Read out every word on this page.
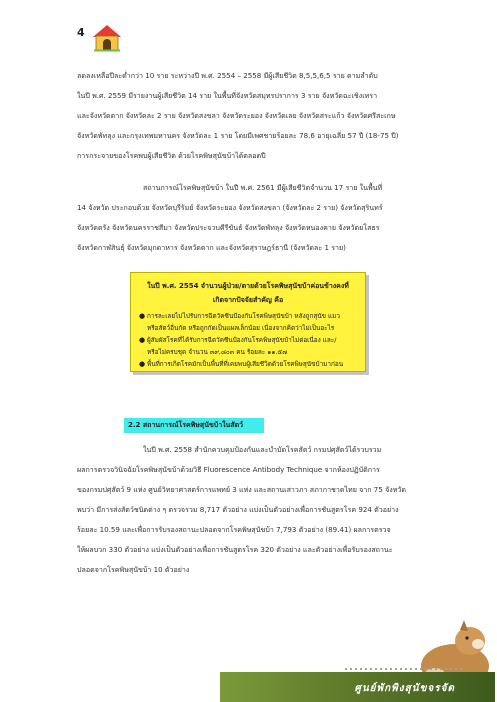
4
ลดลงเหลือปีละต่ำกว่า 10 ราย ระหว่างปี พ.ศ. 2554 – 2558 มีผู้เสียชีวิต 8,5,5,6,5 ราย ตามลำดับ
ในปี พ.ศ. 2559 มีรายงานผู้เสียชีวิต 14 ราย ในพื้นที่จังหวัดสมุทรปราการ 3 ราย จังหวัดฉะเชิงเทรา
และจังหวัดตาก จังหวัดละ 2 ราย จังหวัดสงขลา จังหวัดระยอง จังหวัดเลย จังหวัดสระแก้ว จังหวัดศรีสะเกษ
จังหวัดพัทลุง และกรุงเทพมหานคร จังหวัดละ 1 ราย โดยมีเพศชายร้อยละ 78.6 อายุเฉลี่ย 57 ปี (18-75 ปี)
การกระจายของโรคพบผู้เสียชีวิต ด้วยโรคพิษสุนัขบ้าได้ตลอดปี
สถานการณ์โรคพิษสุนัขบ้า ในปี พ.ศ. 2561 มีผู้เสียชีวิตจำนวน 17 ราย ในพื้นที่
14 จังหวัด ประกอบด้วย จังหวัดบุรีรัมย์ จังหวัดระยอง จังหวัดสงขลา (จังหวัดละ 2 ราย) จังหวัดสุรินทร์
จังหวัดตรัง จังหวัดนครราชสีมา จังหวัดประจวบคีรีขันธ์ จังหวัดพัทลุง จังหวัดหนองคาย จังหวัดยโสธร
จังหวัดกาฬสินธุ์ จังหวัดมุกดาหาร จังหวัดตาก และจังหวัดสุราษฎร์ธานี (จังหวัดละ 1 ราย)

ในปี พ.ศ. 2554 จำนวนผู้ป่วย/ตายด้วยโรคพิษสุนัขบ้าค่อนข้างคงที่

เกิดจากปัจจัยสำคัญ คือ

● การละเลยไม่ไปรับการฉีดวัคซีนป้องกันโรคพิษสุนัขบ้า หลังถูกสุนัข แมว
หรือสัตว์อื่นกัด หรือถูกกัดเป็นแผลเล็กน้อย เนื่องจากคิดว่าไม่เป็นอะไร
● ผู้สัมผัสโรคที่ได้รับการฉีดวัคซีนป้องกันโรคพิษสุนัขบ้าไม่ต่อเนื่อง และ/
หรือไม่ครบชุด จำนวน ๓๙,๘๐๓ คน ร้อยละ ๑๑.๕๗
● พื้นที่การเกิดโรคมักเป็นพื้นที่ที่เคยพบผู้เสียชีวิตด้วยโรคพิษสุนัขบ้ามาก่อน
2.2 สถานการณ์โรคพิษสุนัขบ้าในสัตว์
ในปี พ.ศ. 2558 สำนักควบคุมป้องกันและบำบัดโรคสัตว์ กรมปศุสัตว์ได้รวบรวม
ผลการตรวจวินิจฉัยโรคพิษสุนัขบ้าด้วยวิธี Fluorescence Antibody Technique จากห้องปฏิบัติการ
ของกรมปศุสัตว์ 9 แห่ง ศูนย์วิทยาศาสตร์การแพทย์ 3 แห่ง และสถานเสาวภา สภากาชาดไทย จาก 75 จังหวัด
พบว่า มีการส่งสัตว์ชนิดต่าง ๆ ตรวจรวม 8,717 ตัวอย่าง แบ่งเป็นตัวอย่างเพื่อการชันสูตรโรค 924 ตัวอย่าง
ร้อยละ 10.59 และเพื่อการรับรองสถานะปลอดจากโรคพิษสุนัขบ้า 7,793 ตัวอย่าง (89.41) ผลการตรวจ
ให้ผลบวก 330 ตัวอย่าง แบ่งเป็นตัวอย่างเพื่อการชันสูตรโรค 320 ตัวอย่าง และตัวอย่างเพื่อรับรองสถานะ
ปลอดจากโรคพิษสุนัขบ้า 10 ตัวอย่าง
ศูนย์พักพิงสุนัขจรจัด
